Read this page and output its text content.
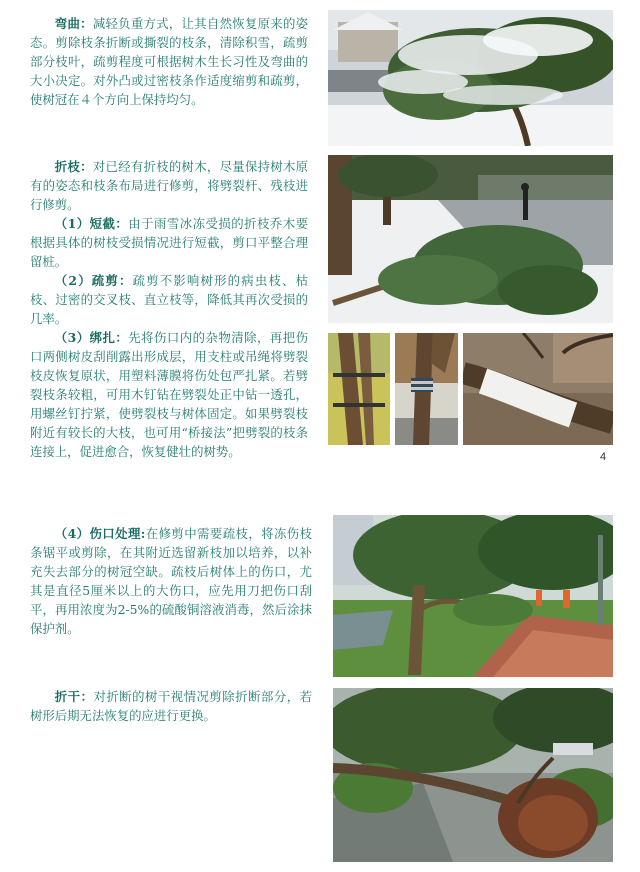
弯曲：减轻负重方式，让其自然恢复原来的姿态。剪除枝条折断或撕裂的枝条，清除积雪，疏剪部分枝叶，疏剪程度可根据树木生长习性及弯曲的大小决定。对外凸或过密枝条作适度缩剪和疏剪，使树冠在４个方向上保持均匀。

折枝：对已经有折枝的树木，尽量保持树木原有的姿态和枝条布局进行修剪，将劈裂杆、残枝进行修剪。

（1）短截：由于雨雪冰冻受损的折枝乔木要根据具体的树枝受损情况进行短截，剪口平整合理留桩。

（2）疏剪：疏剪不影响树形的病虫枝、枯枝、过密的交叉枝、直立枝等，降低其再次受损的几率。

（3）绑扎：先将伤口内的杂物清除，再把伤口两侧树皮刮削露出形成层，用支柱或吊绳将劈裂枝皮恢复原状，用塑料薄膜将伤处包严扎紧。若劈裂枝条较粗，可用木钉钻在劈裂处正中钻一透孔，用螺丝钉拧紧，使劈裂枝与树体固定。如果劈裂枝附近有较长的大枝，也可用“桥接法”把劈裂的枝条连接上，促进愈合，恢复健壮的树势。	4

（4）伤口处理:在修剪中需要疏枝，将冻伤枝条锯平或剪除，在其附近选留新枝加以培养，以补充失去部分的树冠空缺。疏枝后树体上的伤口，尤其是直径5厘米以上的大伤口，应先用刀把伤口刮平，再用浓度为2-5%的硫酸铜溶液消毒，然后涂抹保护剂。

折干：对折断的树干视情况剪除折断部分，若树形后期无法恢复的应进行更换。
